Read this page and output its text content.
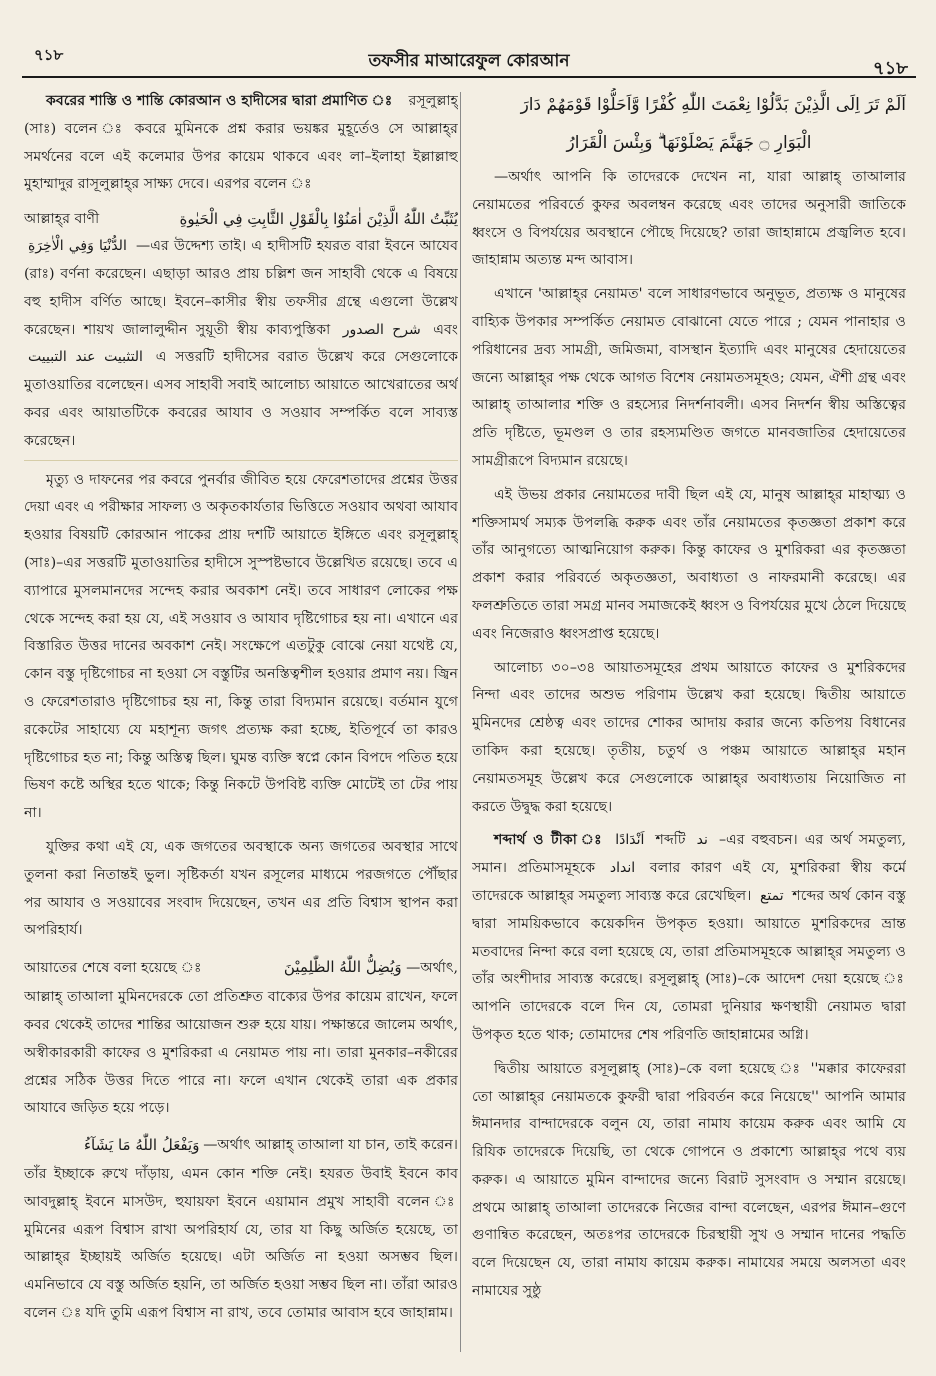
৭১৮	তফসীর মাআরেফুল কোরআন	৭১৮

কবরের শাস্তি ও শান্তি কোরআন ও হাদীসের দ্বারা প্রমাণিত ঃ রসূলুল্লাহ্ (সাঃ) বলেন ঃ কবরে মুমিনকে প্রশ্ন করার ভয়ঙ্কর মুহূর্তেও সে আল্লাহ্‌র সমর্থনের বলে এই কলেমার উপর কায়েম থাকবে এবং লা–ইলাহা ইল্লাল্লাহু মুহাম্মাদুর রাসূলুল্লাহ্‌র সাক্ষ্য দেবে। এরপর বলেন ঃ

আল্লাহ্‌র বাণী	يُثَبِّتُ اللّٰهُ الَّذِيْنَ اٰمَنُوْا بِالْقَوْلِ الثَّابِتِ فِي الْحَيٰوةِ

الدُّنْيَا وَفِي الْاٰخِرَةِ —এর উদ্দেশ্য তাই। এ হাদীসটি হযরত বারা ইবনে আযেব (রাঃ) বর্ণনা করেছেন। এছাড়া আরও প্রায় চল্লিশ জন সাহাবী থেকে এ বিষয়ে বহু হাদীস বর্ণিত আছে। ইবনে–কাসীর স্বীয় তফসীর গ্রন্থে এগুলো উল্লেখ করেছেন। শায়খ জালালুদ্দীন সুয়ূতী স্বীয় কাব্যপুস্তিকা شرح الصدور এবং التثبيت عند التبييت এ সত্তরটি হাদীসের বরাত উল্লেখ করে সেগুলোকে মুতাওয়াতির বলেছেন। এসব সাহাবী সবাই আলোচ্য আয়াতে আখেরাতের অর্থ কবর এবং আয়াতটিকে কবরের আযাব ও সওয়াব সম্পর্কিত বলে সাব্যস্ত করেছেন।

মৃত্যু ও দাফনের পর কবরে পুনর্বার জীবিত হয়ে ফেরেশতাদের প্রশ্নের উত্তর দেয়া এবং এ পরীক্ষার সাফল্য ও অকৃতকার্যতার ভিত্তিতে সওয়াব অথবা আযাব হওয়ার বিষয়টি কোরআন পাকের প্রায় দশটি আয়াতে ইঙ্গিতে এবং রসূলুল্লাহ্ (সাঃ)–এর সত্তরটি মুতাওয়াতির হাদীসে সুস্পষ্টভাবে উল্লেখিত রয়েছে। তবে এ ব্যাপারে মুসলমানদের সন্দেহ করার অবকাশ নেই। তবে সাধারণ লোকের পক্ষ থেকে সন্দেহ করা হয় যে, এই সওয়াব ও আযাব দৃষ্টিগোচর হয় না। এখানে এর বিস্তারিত উত্তর দানের অবকাশ নেই। সংক্ষেপে এতটুকু বোঝে নেয়া যথেষ্ট যে, কোন বস্তু দৃষ্টিগোচর না হওয়া সে বস্তুটির অনস্তিত্বশীল হওয়ার প্রমাণ নয়। জ্বিন ও ফেরেশতারাও দৃষ্টিগোচর হয় না, কিন্তু তারা বিদ্যমান রয়েছে। বর্তমান যুগে রকেটের সাহায্যে যে মহাশূন্য জগৎ প্রত্যক্ষ করা হচ্ছে, ইতিপূর্বে তা কারও দৃষ্টিগোচর হত না; কিন্তু অস্তিত্ব ছিল। ঘুমন্ত ব্যক্তি স্বপ্নে কোন বিপদে পতিত হয়ে ভিষণ কষ্টে অস্থির হতে থাকে; কিন্তু নিকটে উপবিষ্ট ব্যক্তি মোটেই তা টের পায় না।

যুক্তির কথা এই যে, এক জগতের অবস্থাকে অন্য জগতের অবস্থার সাথে তুলনা করা নিতান্তই ভুল। সৃষ্টিকর্তা যখন রসূলের মাধ্যমে পরজগতে পৌঁছার পর আযাব ও সওয়াবের সংবাদ দিয়েছেন, তখন এর প্রতি বিশ্বাস স্থাপন করা অপরিহার্য।

আয়াতের শেষে বলা হয়েছে ঃ	وَيُضِلُّ اللّٰهُ الظّٰلِمِيْنَ —অর্থাৎ,

আল্লাহ্ তাআলা মুমিনদেরকে তো প্রতিশ্রুত বাক্যের উপর কায়েম রাখেন, ফলে কবর থেকেই তাদের শান্তির আয়োজন শুরু হয়ে যায়। পক্ষান্তরে জালেম অর্থাৎ, অস্বীকারকারী কাফের ও মুশরিকরা এ নেয়ামত পায় না। তারা মুনকার–নকীরের প্রশ্নের সঠিক উত্তর দিতে পারে না। ফলে এখান থেকেই তারা এক প্রকার আযাবে জড়িত হয়ে পড়ে।

وَيَفْعَلُ اللّٰهُ مَا يَشَآءُ —অর্থাৎ আল্লাহ্ তাআলা যা চান, তাই করেন।

তাঁর ইচ্ছাকে রুখে দাঁড়ায়, এমন কোন শক্তি নেই। হযরত উবাই ইবনে কাব আবদুল্লাহ্ ইবনে মাসউদ, হুযায়ফা ইবনে এয়ামান প্রমুখ সাহাবী বলেন ঃ মুমিনের এরূপ বিশ্বাস রাখা অপরিহার্য যে, তার যা কিছু অর্জিত হয়েছে, তা আল্লাহ্‌র ইচ্ছায়ই অর্জিত হয়েছে। এটা অর্জিত না হওয়া অসম্ভব ছিল। এমনিভাবে যে বস্তু অর্জিত হয়নি, তা অর্জিত হওয়া সম্ভব ছিল না। তাঁরা আরও বলেন ঃ যদি তুমি এরূপ বিশ্বাস না রাখ, তবে তোমার আবাস হবে জাহান্নাম।

اَلَمْ تَرَ اِلَى الَّذِيْنَ بَدَّلُوْا نِعْمَتَ اللّٰهِ كُفْرًا وَّاَحَلُّوْا قَوْمَهُمْ دَارَ
الْبَوَارِ ۝ جَهَنَّمَ يَصْلَوْنَهَا ۗ وَبِئْسَ الْقَرَارُ

—অর্থাৎ আপনি কি তাদেরকে দেখেন না, যারা আল্লাহ্ তাআলার নেয়ামতের পরিবর্তে কুফর অবলম্বন করেছে এবং তাদের অনুসারী জাতিকে ধ্বংসে ও বিপর্যয়ের অবস্থানে পৌছে দিয়েছে? তারা জাহান্নামে প্রজ্বলিত হবে। জাহান্নাম অত্যন্ত মন্দ আবাস।

এখানে 'আল্লাহ্‌র নেয়ামত' বলে সাধারণভাবে অনুভূত, প্রত্যক্ষ ও মানুষের বাহ্যিক উপকার সম্পর্কিত নেয়ামত বোঝানো যেতে পারে ; যেমন পানাহার ও পরিধানের দ্রব্য সামগ্রী, জমিজমা, বাসস্থান ইত্যাদি এবং মানুষের হেদায়েতের জন্যে আল্লাহ্‌র পক্ষ থেকে আগত বিশেষ নেয়ামতসমূহও; যেমন, ঐশী গ্রন্থ এবং আল্লাহ্ তাআলার শক্তি ও রহস্যের নিদর্শনাবলী। এসব নিদর্শন স্বীয় অস্তিত্বের প্রতি দৃষ্টিতে, ভূমণ্ডল ও তার রহস্যমণ্ডিত জগতে মানবজাতির হেদায়েতের সামগ্রীরূপে বিদ্যমান রয়েছে।

এই উভয় প্রকার নেয়ামতের দাবী ছিল এই যে, মানুষ আল্লাহ্‌র মাহাত্ম্য ও শক্তিসামর্থ সম্যক উপলব্ধি করুক এবং তাঁর নেয়ামতের কৃতজ্ঞতা প্রকাশ করে তাঁর আনুগত্যে আত্মনিয়োগ করুক। কিন্তু কাফের ও মুশরিকরা এর কৃতজ্ঞতা প্রকাশ করার পরিবর্তে অকৃতজ্ঞতা, অবাধ্যতা ও নাফরমানী করেছে। এর ফলশ্রুতিতে তারা সমগ্র মানব সমাজকেই ধ্বংস ও বিপর্যয়ের মুখে ঠেলে দিয়েছে এবং নিজেরাও ধ্বংসপ্রাপ্ত হয়েছে।

আলোচ্য ৩০–৩৪ আয়াতসমূহের প্রথম আয়াতে কাফের ও মুশরিকদের নিন্দা এবং তাদের অশুভ পরিণাম উল্লেখ করা হয়েছে। দ্বিতীয় আয়াতে মুমিনদের শ্রেষ্ঠত্ব এবং তাদের শোকর আদায় করার জন্যে কতিপয় বিধানের তাকিদ করা হয়েছে। তৃতীয়, চতুর্থ ও পঞ্চম আয়াতে আল্লাহ্‌র মহান নেয়ামতসমূহ উল্লেখ করে সেগুলোকে আল্লাহ্‌র অবাধ্যতায় নিয়োজিত না করতে উদ্বুদ্ধ করা হয়েছে।

শব্দার্থ ও টীকা ঃ اَنْدَادًا শব্দটি ند –এর বহুবচন। এর অর্থ সমতুল্য, সমান। প্রতিমাসমূহকে انداد বলার কারণ এই যে, মুশরিকরা স্বীয় কর্মে তাদেরকে আল্লাহ্‌র সমতুল্য সাব্যস্ত করে রেখেছিল। تمتع শব্দের অর্থ কোন বস্তু দ্বারা সাময়িকভাবে কয়েকদিন উপকৃত হওয়া। আয়াতে মুশরিকদের ভ্রান্ত মতবাদের নিন্দা করে বলা হয়েছে যে, তারা প্রতিমাসমূহকে আল্লাহ্‌র সমতুল্য ও তাঁর অংশীদার সাব্যস্ত করেছে। রসূলুল্লাহ্ (সাঃ)–কে আদেশ দেয়া হয়েছে ঃ আপনি তাদেরকে বলে দিন যে, তোমরা দুনিয়ার ক্ষণস্থায়ী নেয়ামত দ্বারা উপকৃত হতে থাক; তোমাদের শেষ পরিণতি জাহান্নামের অগ্নি।

দ্বিতীয় আয়াতে রসূলুল্লাহ্ (সাঃ)–কে বলা হয়েছে ঃ ''মক্কার কাফেররা তো আল্লাহ্‌র নেয়ামতকে কুফরী দ্বারা পরিবর্তন করে নিয়েছে'' আপনি আমার ঈমানদার বান্দাদেরকে বলুন যে, তারা নামায কায়েম করুক এবং আমি যে রিযিক তাদেরকে দিয়েছি, তা থেকে গোপনে ও প্রকাশ্যে আল্লাহ্‌র পথে ব্যয় করুক। এ আয়াতে মুমিন বান্দাদের জন্যে বিরাট সুসংবাদ ও সম্মান রয়েছে। প্রথমে আল্লাহ্ তাআলা তাদেরকে নিজের বান্দা বলেছেন, এরপর ঈমান–গুণে গুণান্বিত করেছেন, অতঃপর তাদেরকে চিরস্থায়ী সুখ ও সম্মান দানের পদ্ধতি বলে দিয়েছেন যে, তারা নামায কায়েম করুক। নামাযের সময়ে অলসতা এবং নামাযের সুষ্ঠু
